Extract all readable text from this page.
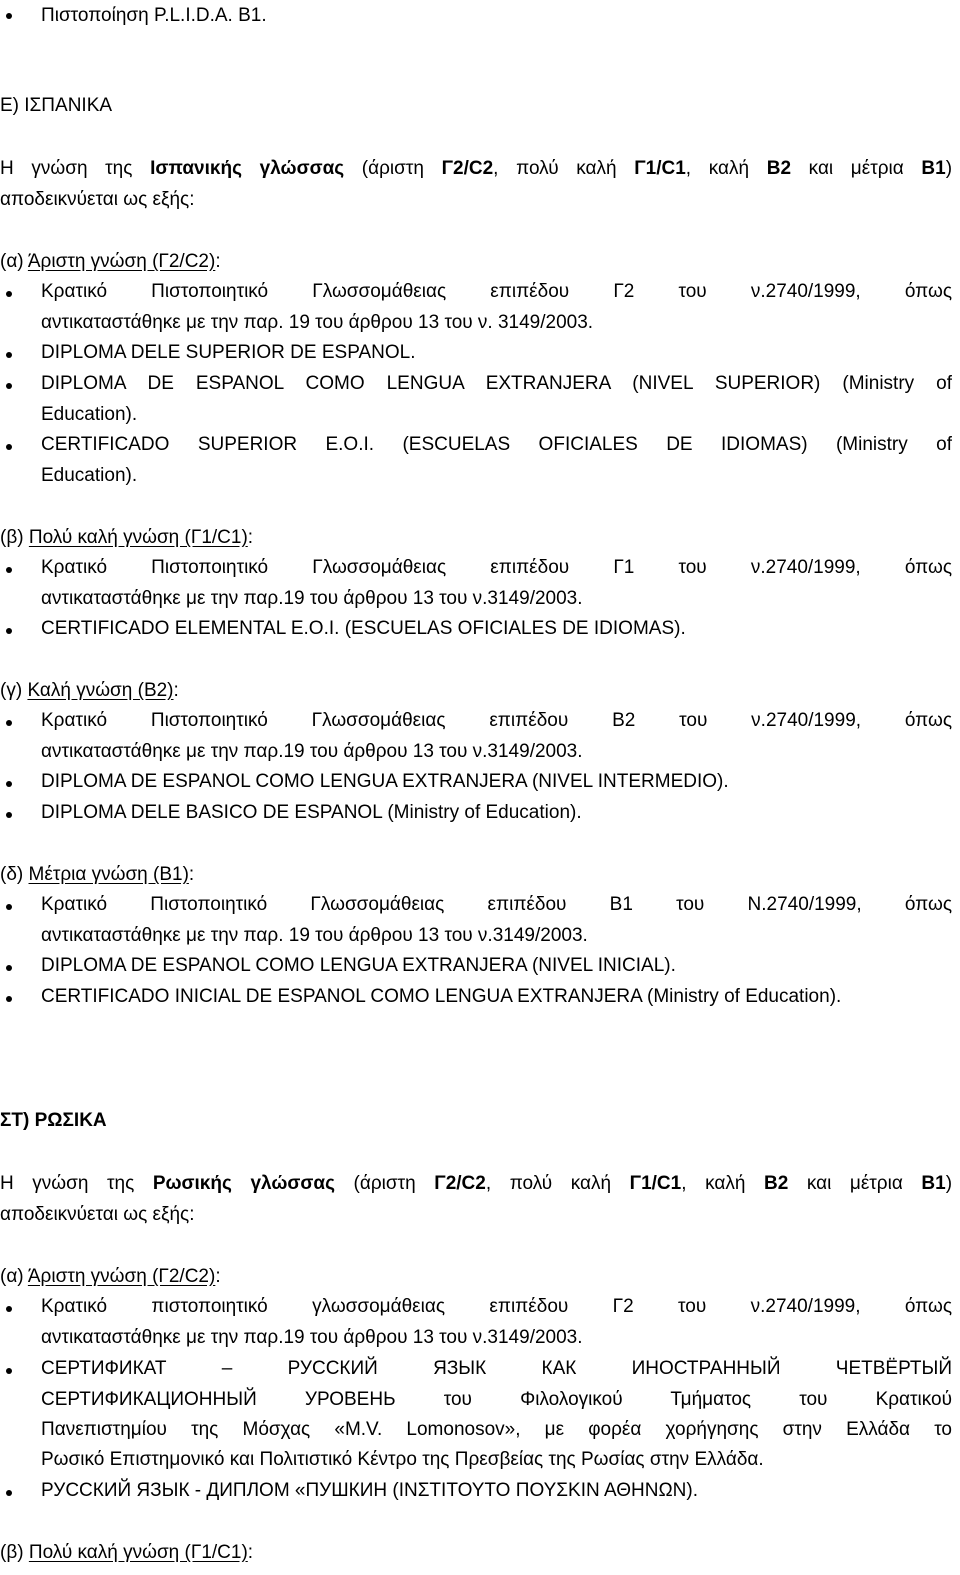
Πιστοποίηση P.L.I.D.A. B1.
Ε) ΙΣΠΑΝΙΚΑ
Η γνώση της Ισπανικής γλώσσας (άριστη Γ2/C2, πολύ καλή Γ1/C1, καλή Β2 και μέτρια Β1)
αποδεικνύεται ως εξής:
(α) Άριστη γνώση (Γ2/C2):
Κρατικό Πιστοποιητικό Γλωσσομάθειας επιπέδου Γ2 του ν.2740/1999, όπως
αντικαταστάθηκε με την παρ. 19 του άρθρου 13 του ν. 3149/2003.
DIPLOMA DELE SUPERIOR DE ESPANOL.
DIPLOMA DE ESPANOL COMO LENGUA EXTRANJERA (NIVEL SUPERIOR) (Ministry of
Education).
CERTIFICADO SUPERIOR E.O.I. (ESCUELAS OFICIALES DE IDIOMAS) (Ministry of
Education).
(β) Πολύ καλή γνώση (Γ1/C1):
Κρατικό Πιστοποιητικό Γλωσσομάθειας επιπέδου Γ1 του ν.2740/1999, όπως
αντικαταστάθηκε με την παρ.19 του άρθρου 13 του ν.3149/2003.
CERTIFICADO ELEMENTAL E.O.I. (ESCUELAS OFICIALES DE IDIOMAS).
(γ) Καλή γνώση (Β2):
Κρατικό Πιστοποιητικό Γλωσσομάθειας επιπέδου Β2 του ν.2740/1999, όπως
αντικαταστάθηκε με την παρ.19 του άρθρου 13 του ν.3149/2003.
DIPLOMA DE ESPANOL COMO LENGUA EXTRANJERA (NIVEL INTERMEDIO).
DIPLOMA DELE BASICO DE ESPANOL (Ministry of Education).
(δ) Μέτρια γνώση (Β1):
Κρατικό Πιστοποιητικό Γλωσσομάθειας επιπέδου Β1 του Ν.2740/1999, όπως
αντικαταστάθηκε με την παρ. 19 του άρθρου 13 του ν.3149/2003.
DIPLOMA DE ESPANOL COMO LENGUA EXTRANJERA (NIVEL INICIAL).
CERTIFICADO INICIAL DE ESPANOL COMO LENGUA EXTRANJERA (Ministry of Education).
ΣΤ) ΡΩΣΙΚΑ
Η γνώση της Ρωσικής γλώσσας (άριστη Γ2/C2, πολύ καλή Γ1/C1, καλή Β2 και μέτρια Β1)
αποδεικνύεται ως εξής:
(α) Άριστη γνώση (Γ2/C2):
Κρατικό πιστοποιητικό γλωσσομάθειας επιπέδου Γ2 του ν.2740/1999, όπως
αντικαταστάθηκε με την παρ.19 του άρθρου 13 του ν.3149/2003.
СЕРТИФИКАТ – РУССКИЙ ЯЗЫК КАК ИНОСТРАННЫЙ ЧЕТВЁРТЫЙ
СЕРТИФИКАЦИОННЫЙ УРОВЕНЬ του Φιλολογικού Τμήματος του Κρατικού
Πανεπιστημίου της Μόσχας «M.V. Lomonosov», με φορέα χορήγησης στην Ελλάδα το
Ρωσικό Επιστημονικό και Πολιτιστικό Κέντρο της Πρεσβείας της Ρωσίας στην Ελλάδα.
РУССКИЙ ЯЗЫК - ДИПЛОМ «ПУШКИН (ΙΝΣΤΙΤΟΥΤΟ ΠΟΥΣΚΙΝ ΑΘΗΝΩΝ).
(β) Πολύ καλή γνώση (Γ1/C1):
